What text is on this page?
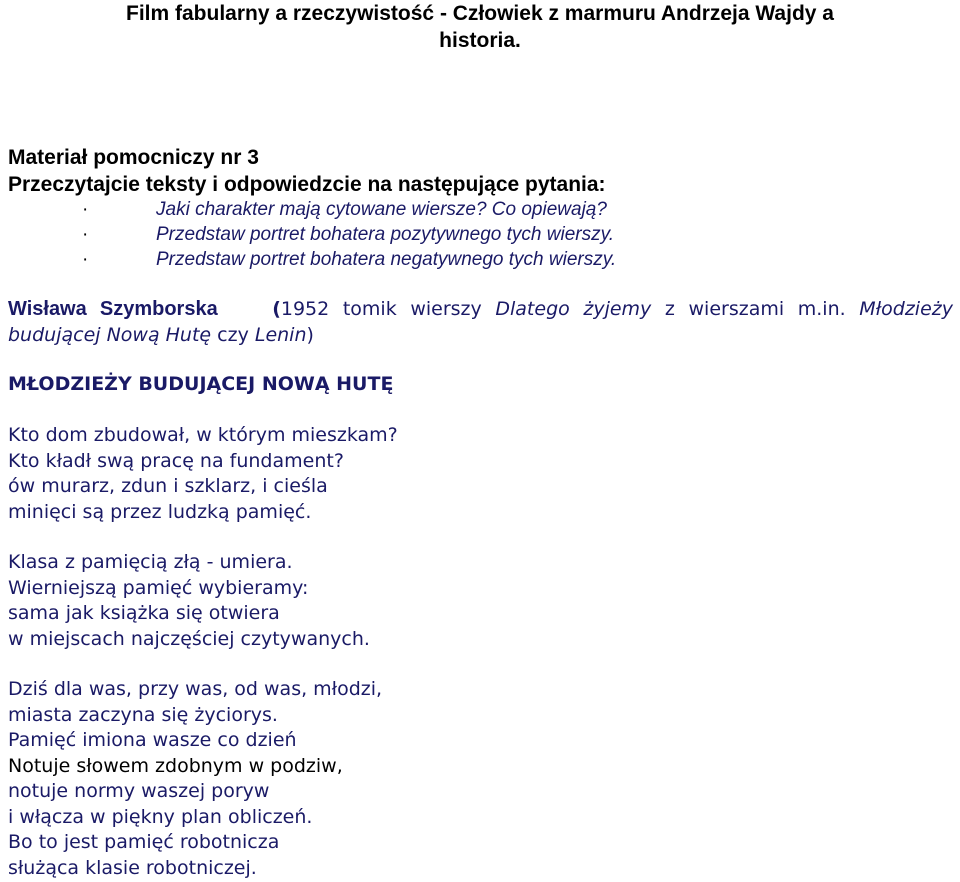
Film fabularny a rzeczywistość - Człowiek z marmuru Andrzeja Wajdy a
historia.
Materiał pomocniczy nr 3
Przeczytajcie teksty i odpowiedzcie na następujące pytania:
·	Jaki charakter mają cytowane wiersze? Co opiewają?
·	Przedstaw portret bohatera pozytywnego tych wierszy.
·	Przedstaw portret bohatera negatywnego tych wierszy.
Wisława Szymborska	(1952 tomik wierszy Dlatego żyjemy z wierszami m.in. Młodzieży budującej Nową Hutę czy Lenin)
MŁODZIEŻY BUDUJĄCEJ NOWĄ HUTĘ
Kto dom zbudował, w którym mieszkam?
Kto kładł swą pracę na fundament?
ów murarz, zdun i szklarz, i cieśla
minięci są przez ludzką pamięć.
Klasa z pamięcią złą - umiera.
Wierniejszą pamięć wybieramy:
sama jak książka się otwiera
w miejscach najczęściej czytywanych.
Dziś dla was, przy was, od was, młodzi,
miasta zaczyna się życiorys.
Pamięć imiona wasze co dzień
Notuje słowem zdobnym w podziw,
notuje normy waszej poryw
i włącza w piękny plan obliczeń.
Bo to jest pamięć robotnicza
służąca klasie robotniczej.
